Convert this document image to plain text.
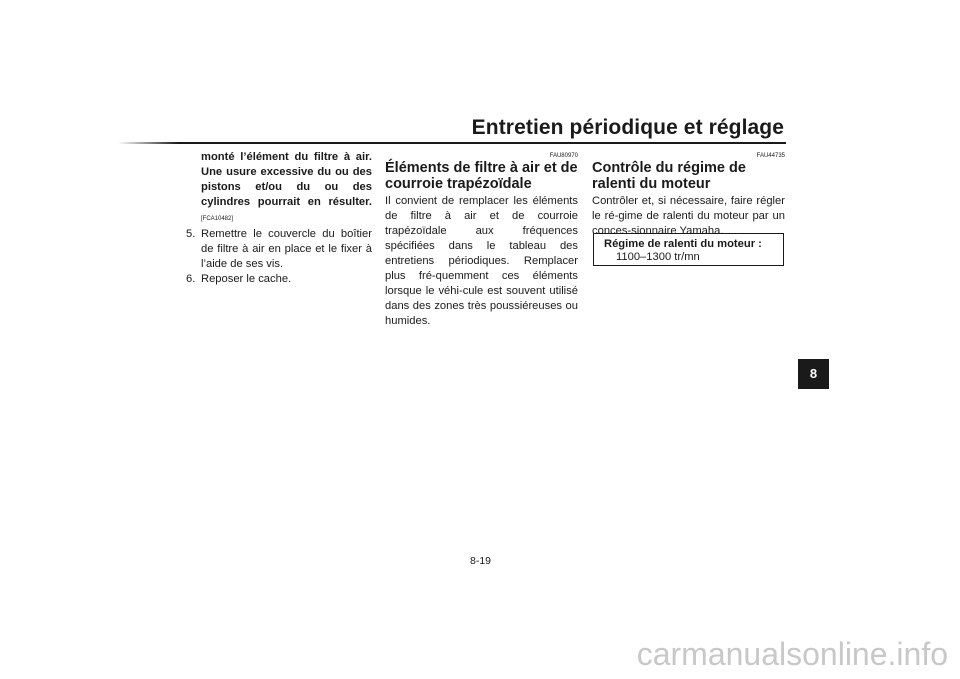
Entretien périodique et réglage
monté l’élément du filtre à air. Une usure excessive du ou des pistons et/ou du ou des cylindres pourrait en résulter. [FCA10482]
5. Remettre le couvercle du boîtier de filtre à air en place et le fixer à l’aide de ses vis.
6. Reposer le cache.
FAU80970
Éléments de filtre à air et de courroie trapézoïdale
Il convient de remplacer les éléments de filtre à air et de courroie trapézoïdale aux fréquences spécifiées dans le tableau des entretiens périodiques. Remplacer plus fré-quemment ces éléments lorsque le véhi-cule est souvent utilisé dans des zones très poussiéreuses ou humides.
FAU44735
Contrôle du régime de ralenti du moteur
Contrôler et, si nécessaire, faire régler le ré-gime de ralenti du moteur par un conces-sionnaire Yamaha.
Régime de ralenti du moteur :
1100–1300 tr/mn
8
8-19
carmanualsonline.info
